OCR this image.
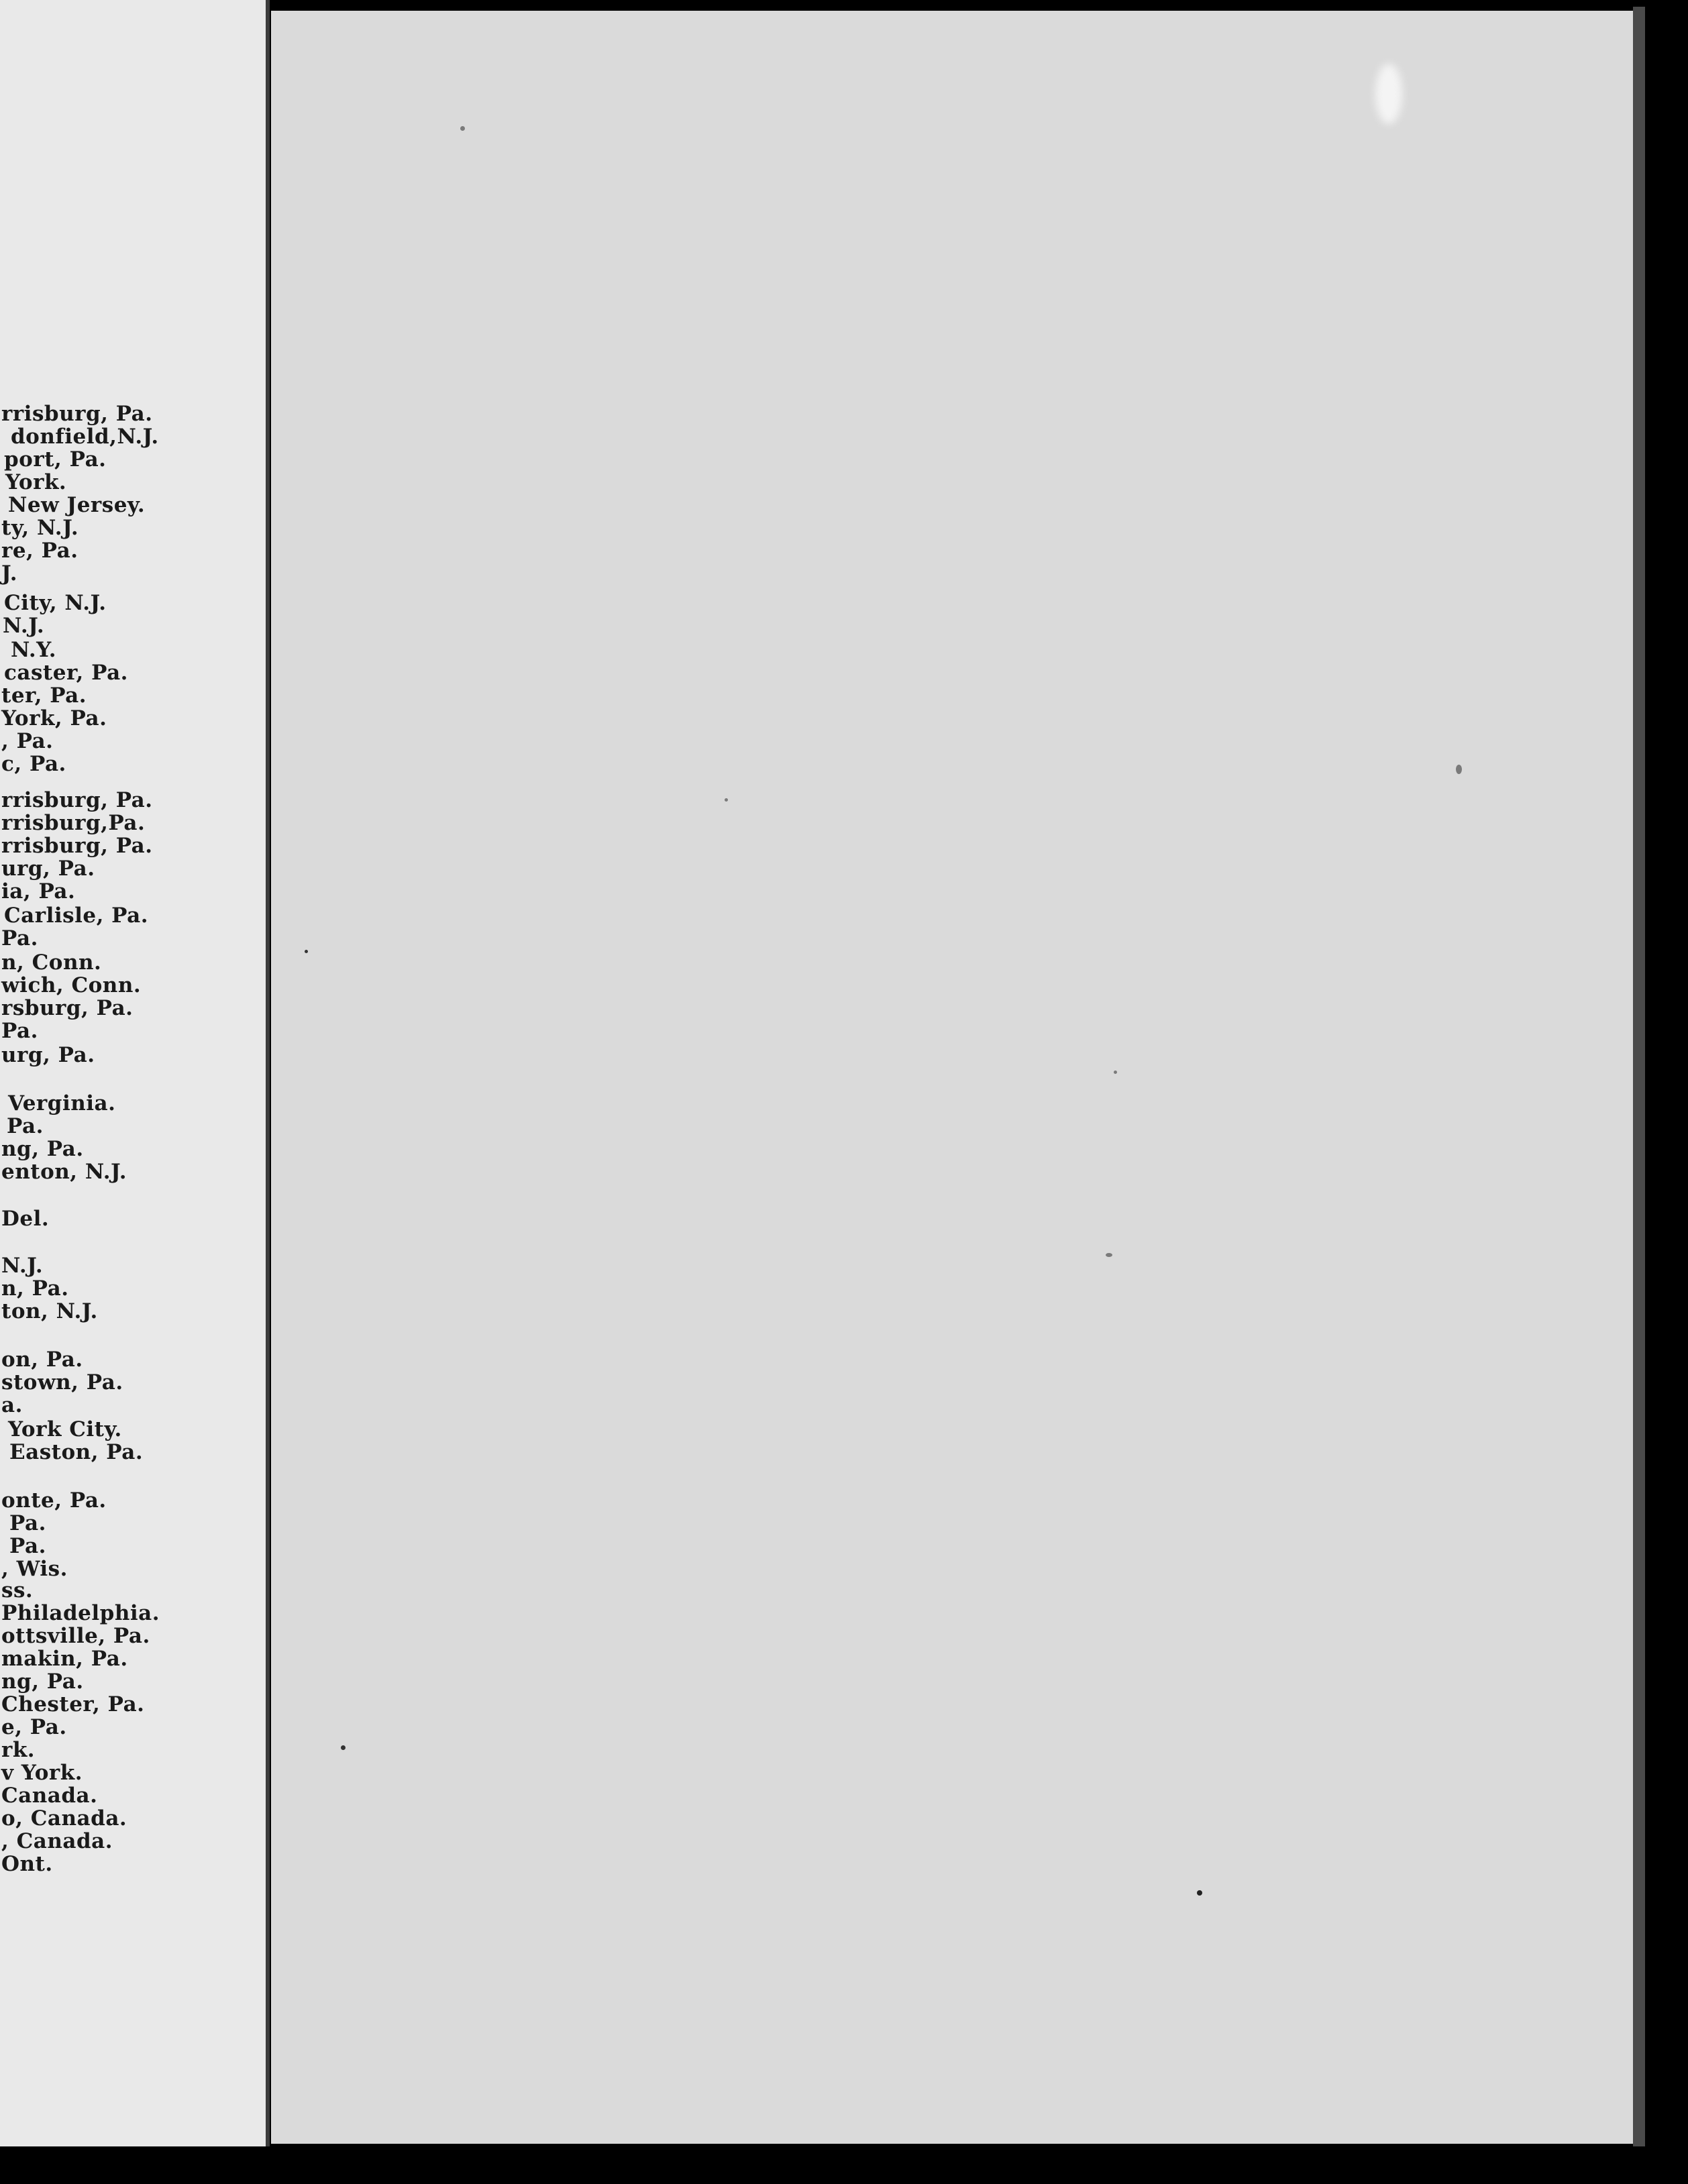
rrisburg, Pa.
donfield,N.J.
port, Pa.
York.
New Jersey.
ty, N.J.
re, Pa.
J.
City, N.J.
N.J.
N.Y.
caster, Pa.
ter, Pa.
York, Pa.
, Pa.
c, Pa.
rrisburg, Pa.
rrisburg,Pa.
rrisburg, Pa.
urg, Pa.
ia, Pa.
Carlisle, Pa.
Pa.
n, Conn.
wich, Conn.
rsburg, Pa.
Pa.
urg, Pa.
Verginia.
Pa.
ng, Pa.
enton, N.J.
Del.
N.J.
n, Pa.
ton, N.J.
on, Pa.
stown, Pa.
a.
York City.
Easton, Pa.
onte, Pa.
Pa.
Pa.
, Wis.
ss.
Philadelphia.
ottsville, Pa.
makin, Pa.
ng, Pa.
Chester, Pa.
e, Pa.
rk.
v York.
Canada.
o, Canada.
, Canada.
Ont.
